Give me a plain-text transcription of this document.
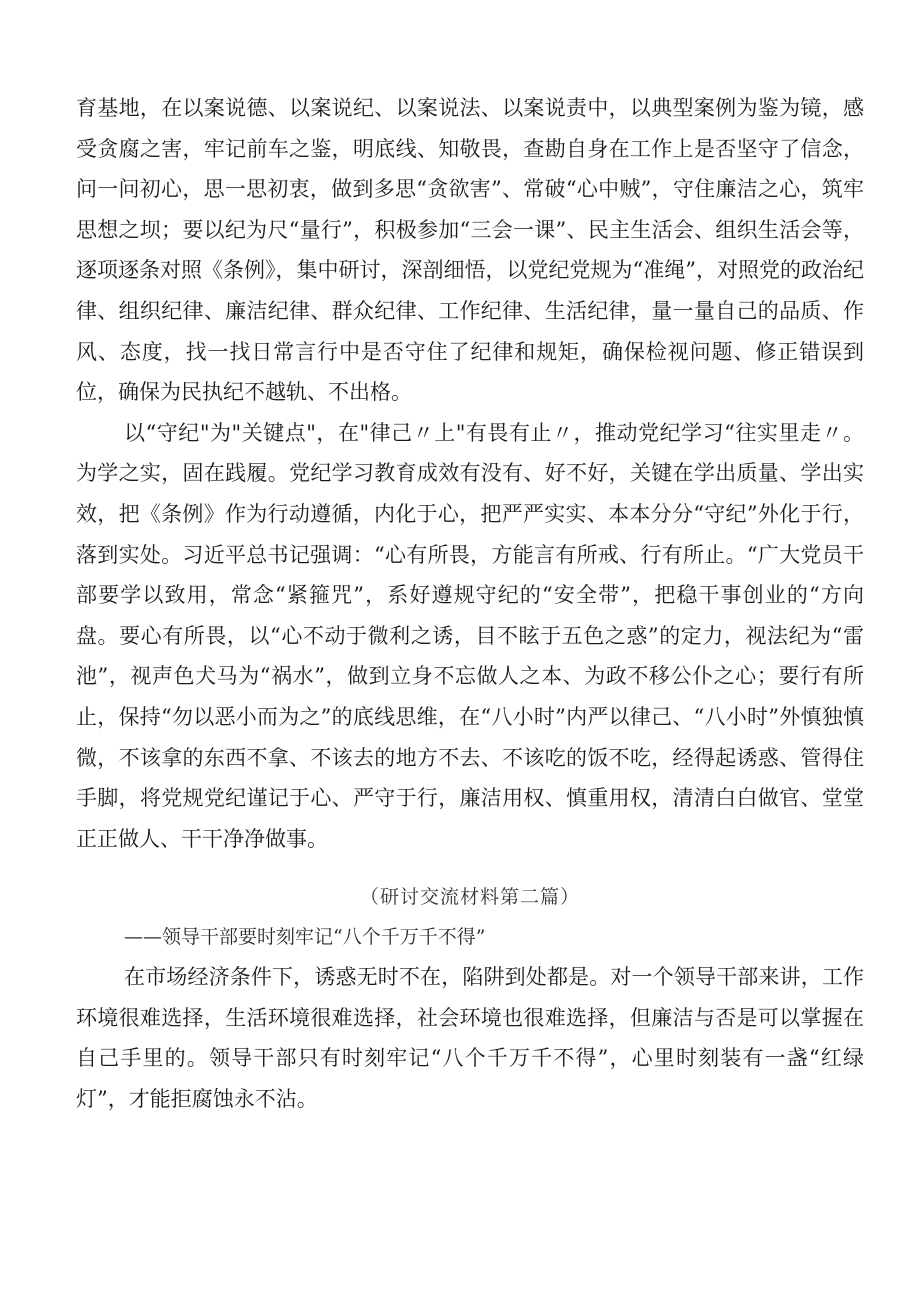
育基地，在以案说德、以案说纪、以案说法、以案说责中，以典型案例为鉴为镜，感受贪腐之害，牢记前车之鉴，明底线、知敬畏，查勘自身在工作上是否坚守了信念，问一问初心，思一思初衷，做到多思“贪欲害”、常破“心中贼”，守住廉洁之心，筑牢思想之坝；要以纪为尺“量行”，积极参加“三会一课”、民主生活会、组织生活会等，逐项逐条对照《条例》，集中研讨，深剖细悟，以党纪党规为“准绳”，对照党的政治纪律、组织纪律、廉洁纪律、群众纪律、工作纪律、生活纪律，量一量自己的品质、作风、态度，找一找日常言行中是否守住了纪律和规矩，确保检视问题、修正错误到位，确保为民执纪不越轨、不出格。

以“守纪"为"关键点"，在"律己〃上"有畏有止〃，推动党纪学习“往实里走〃。为学之实，固在践履。党纪学习教育成效有没有、好不好，关键在学出质量、学出实效，把《条例》作为行动遵循，内化于心，把严严实实、本本分分“守纪”外化于行，落到实处。习近平总书记强调：“心有所畏，方能言有所戒、行有所止。“广大党员干部要学以致用，常念“紧箍咒”，系好遵规守纪的“安全带”，把稳干事创业的“方向盘。要心有所畏，以“心不动于微利之诱，目不眩于五色之惑”的定力，视法纪为“雷池”，视声色犬马为“祸水”，做到立身不忘做人之本、为政不移公仆之心；要行有所止，保持“勿以恶小而为之”的底线思维，在“八小时”内严以律己、“八小时”外慎独慎微，不该拿的东西不拿、不该去的地方不去、不该吃的饭不吃，经得起诱惑、管得住手脚，将党规党纪谨记于心、严守于行，廉洁用权、慎重用权，清清白白做官、堂堂正正做人、干干净净做事。

（研讨交流材料第二篇）

——领导干部要时刻牢记“八个千万千不得”

在市场经济条件下，诱惑无时不在，陷阱到处都是。对一个领导干部来讲，工作环境很难选择，生活环境很难选择，社会环境也很难选择，但廉洁与否是可以掌握在自己手里的。领导干部只有时刻牢记“八个千万千不得”，心里时刻装有一盏“红绿灯”，才能拒腐蚀永不沾。
